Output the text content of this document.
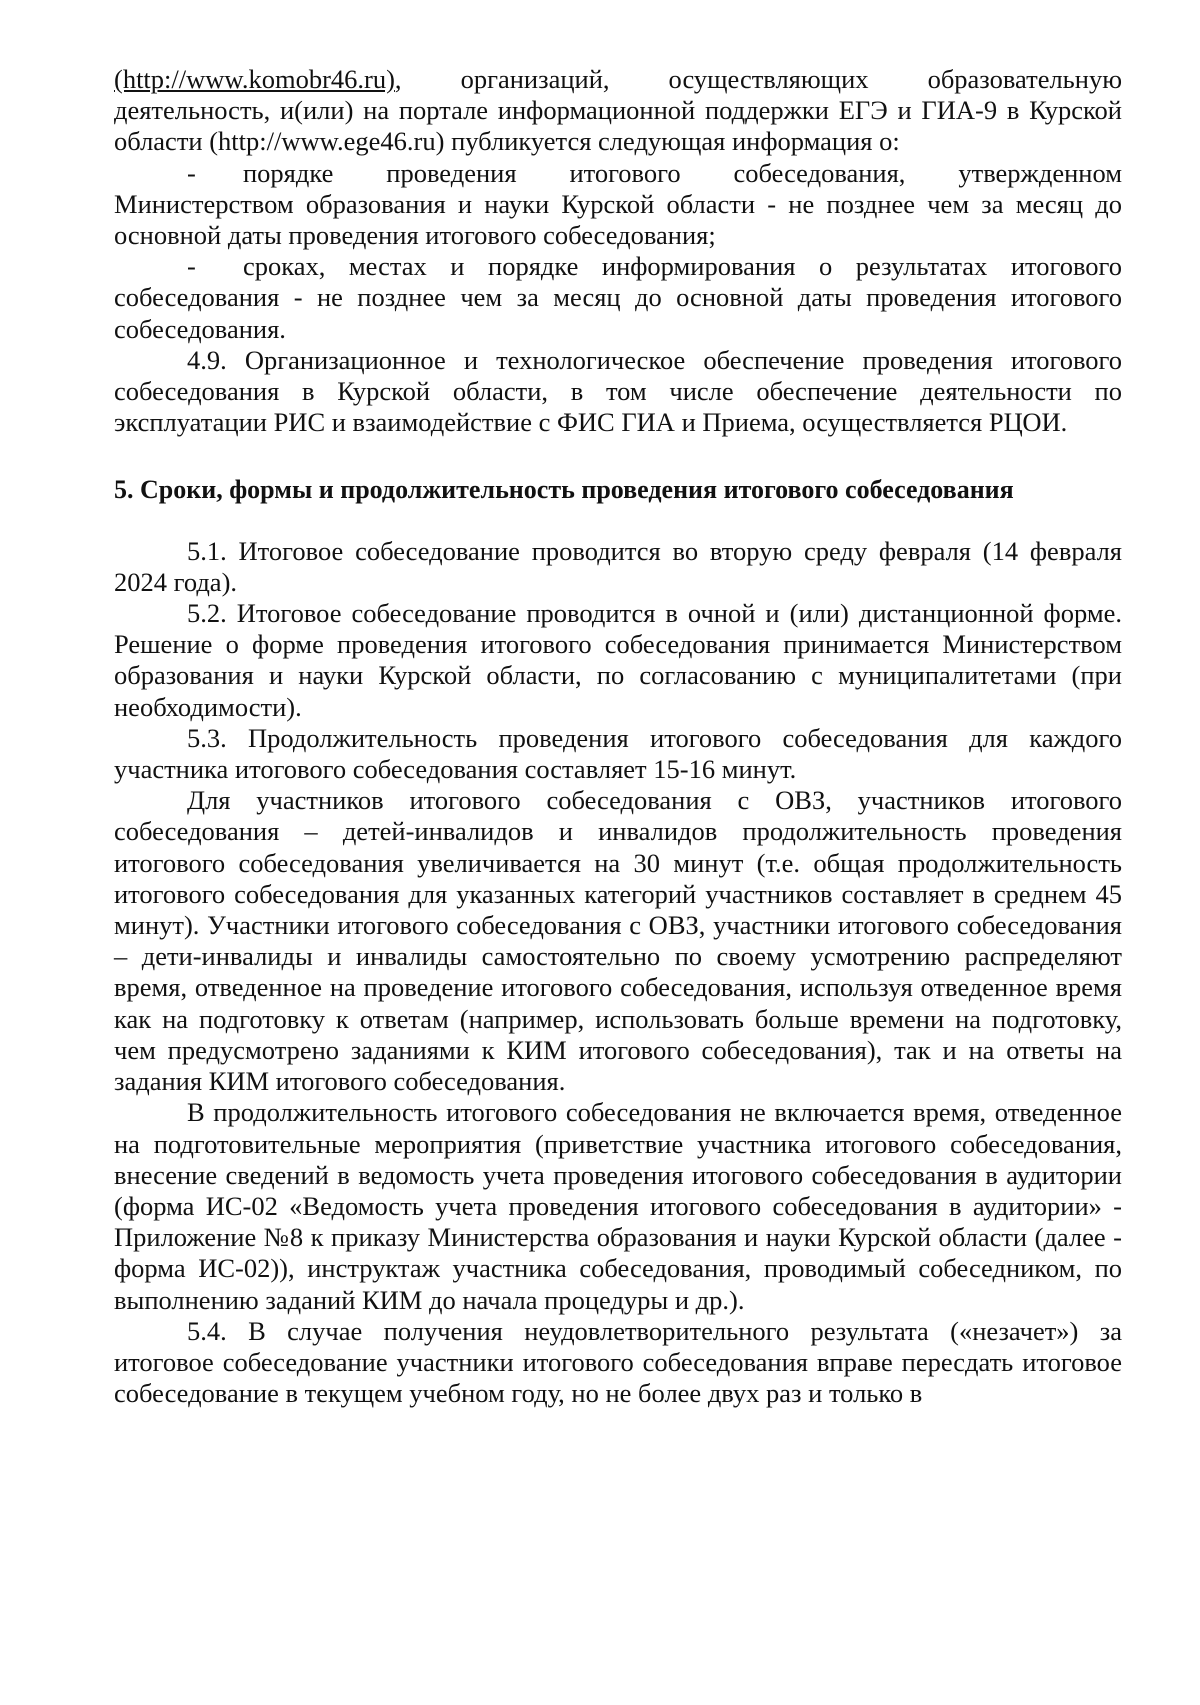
(http://www.komobr46.ru), организаций, осуществляющих образовательную деятельность, и(или) на портале информационной поддержки ЕГЭ и ГИА-9 в Курской области (http://www.ege46.ru) публикуется следующая информация о:

- порядке проведения итогового собеседования, утвержденном Министерством образования и науки Курской области - не позднее чем за месяц до основной даты проведения итогового собеседования;

- сроках, местах и порядке информирования о результатах итогового собеседования - не позднее чем за месяц до основной даты проведения итогового собеседования.

4.9. Организационное и технологическое обеспечение проведения итогового собеседования в Курской области, в том числе обеспечение деятельности по эксплуатации РИС и взаимодействие с ФИС ГИА и Приема, осуществляется РЦОИ.

5. Сроки, формы и продолжительность проведения итогового собеседования

5.1. Итоговое собеседование проводится во вторую среду февраля (14 февраля 2024 года).

5.2. Итоговое собеседование проводится в очной и (или) дистанционной форме. Решение о форме проведения итогового собеседования принимается Министерством образования и науки Курской области, по согласованию с муниципалитетами (при необходимости).

5.3. Продолжительность проведения итогового собеседования для каждого участника итогового собеседования составляет 15-16 минут.

Для участников итогового собеседования с ОВЗ, участников итогового собеседования – детей-инвалидов и инвалидов продолжительность проведения итогового собеседования увеличивается на 30 минут (т.е. общая продолжительность итогового собеседования для указанных категорий участников составляет в среднем 45 минут). Участники итогового собеседования с ОВЗ, участники итогового собеседования – дети-инвалиды и инвалиды самостоятельно по своему усмотрению распределяют время, отведенное на проведение итогового собеседования, используя отведенное время как на подготовку к ответам (например, использовать больше времени на подготовку, чем предусмотрено заданиями к КИМ итогового собеседования), так и на ответы на задания КИМ итогового собеседования.

В продолжительность итогового собеседования не включается время, отведенное на подготовительные мероприятия (приветствие участника итогового собеседования, внесение сведений в ведомость учета проведения итогового собеседования в аудитории (форма ИС-02 «Ведомость учета проведения итогового собеседования в аудитории» - Приложение №8 к приказу Министерства образования и науки Курской области (далее - форма ИС-02)), инструктаж участника собеседования, проводимый собеседником, по выполнению заданий КИМ до начала процедуры и др.).

5.4. В случае получения неудовлетворительного результата («незачет») за итоговое собеседование участники итогового собеседования вправе пересдать итоговое собеседование в текущем учебном году, но не более двух раз и только в
